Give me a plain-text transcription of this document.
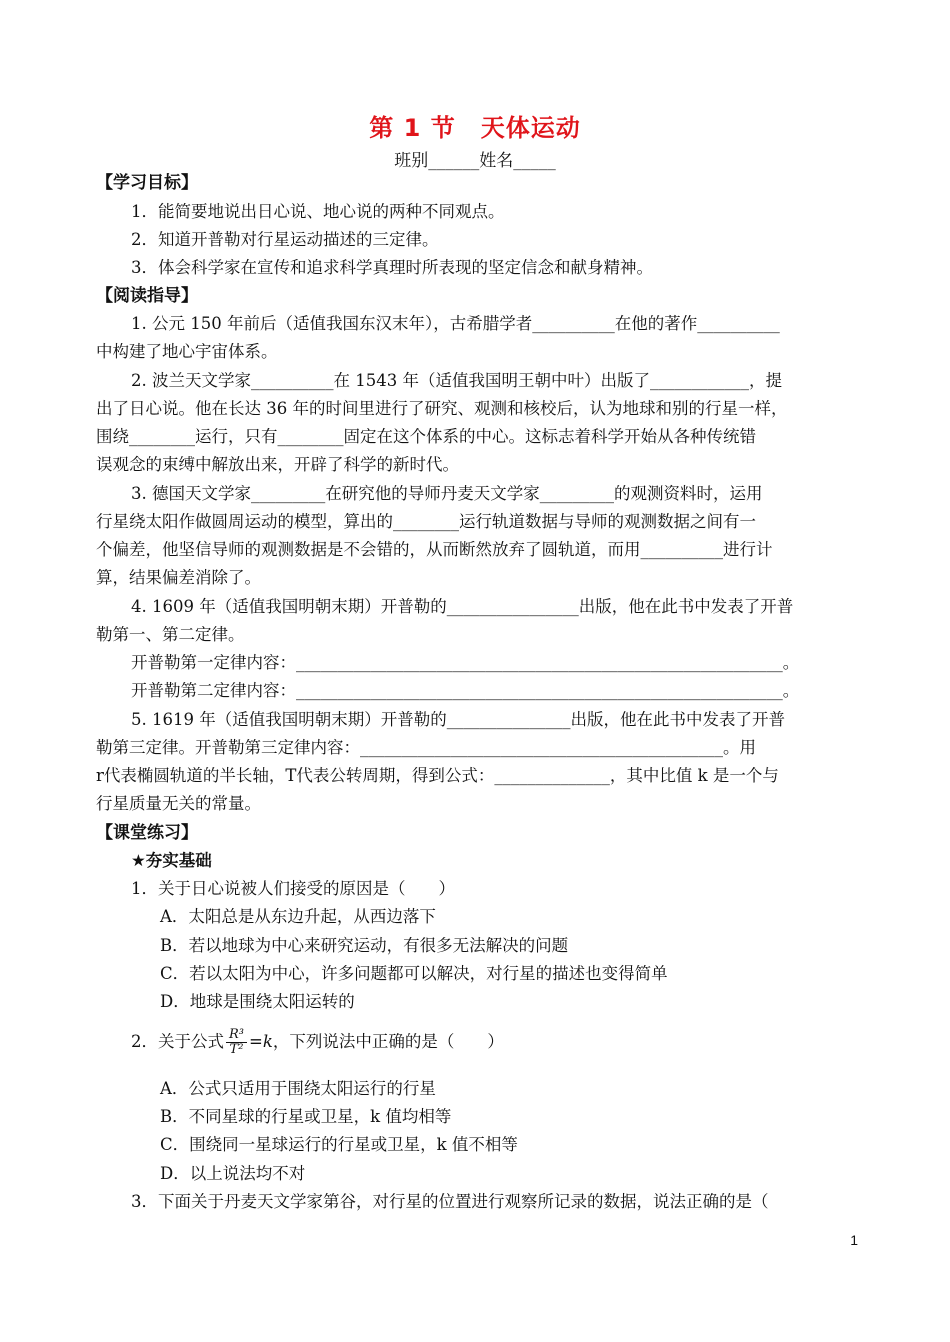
第 1 节　天体运动
班别______姓名_____
【学习目标】
1．能简要地说出日心说、地心说的两种不同观点。
2．知道开普勒对行星运动描述的三定律。
3．体会科学家在宣传和追求科学真理时所表现的坚定信念和献身精神。
【阅读指导】
1. 公元 150 年前后（适值我国东汉末年），古希腊学者__________在他的著作__________
中构建了地心宇宙体系。
2. 波兰天文学家__________在 1543 年（适值我国明王朝中叶）出版了____________，提
出了日心说。他在长达 36 年的时间里进行了研究、观测和核校后，认为地球和别的行星一样，
围绕________运行，只有________固定在这个体系的中心。这标志着科学开始从各种传统错
误观念的束缚中解放出来，开辟了科学的新时代。
3. 德国天文学家_________在研究他的导师丹麦天文学家_________的观测资料时，运用
行星绕太阳作做圆周运动的模型，算出的________运行轨道数据与导师的观测数据之间有一
个偏差，他坚信导师的观测数据是不会错的，从而断然放弃了圆轨道，而用__________进行计
算，结果偏差消除了。
4. 1609 年（适值我国明朝末期）开普勒的________________出版，他在此书中发表了开普
勒第一、第二定律。
开普勒第一定律内容：___________________________________________________________。
开普勒第二定律内容：___________________________________________________________。
5. 1619 年（适值我国明朝末期）开普勒的_______________出版，他在此书中发表了开普
勒第三定律。开普勒第三定律内容：____________________________________________。用
r代表椭圆轨道的半长轴，T代表公转周期，得到公式：______________，其中比值 k 是一个与
行星质量无关的常量。
【课堂练习】
★夯实基础
1．关于日心说被人们接受的原因是（　　）
A．太阳总是从东边升起，从西边落下
B．若以地球为中心来研究运动，有很多无法解决的问题
C．若以太阳为中心，许多问题都可以解决，对行星的描述也变得简单
D．地球是围绕太阳运转的
2．关于公式 $\frac{\text{R³}}{\text{T²}} =k$，下列说法中正确的是（　　）
A．公式只适用于围绕太阳运行的行星
B．不同星球的行星或卫星，k 值均相等
C．围绕同一星球运行的行星或卫星，k 值不相等
D．以上说法均不对
3．下面关于丹麦天文学家第谷，对行星的位置进行观察所记录的数据，说法正确的是（
1
